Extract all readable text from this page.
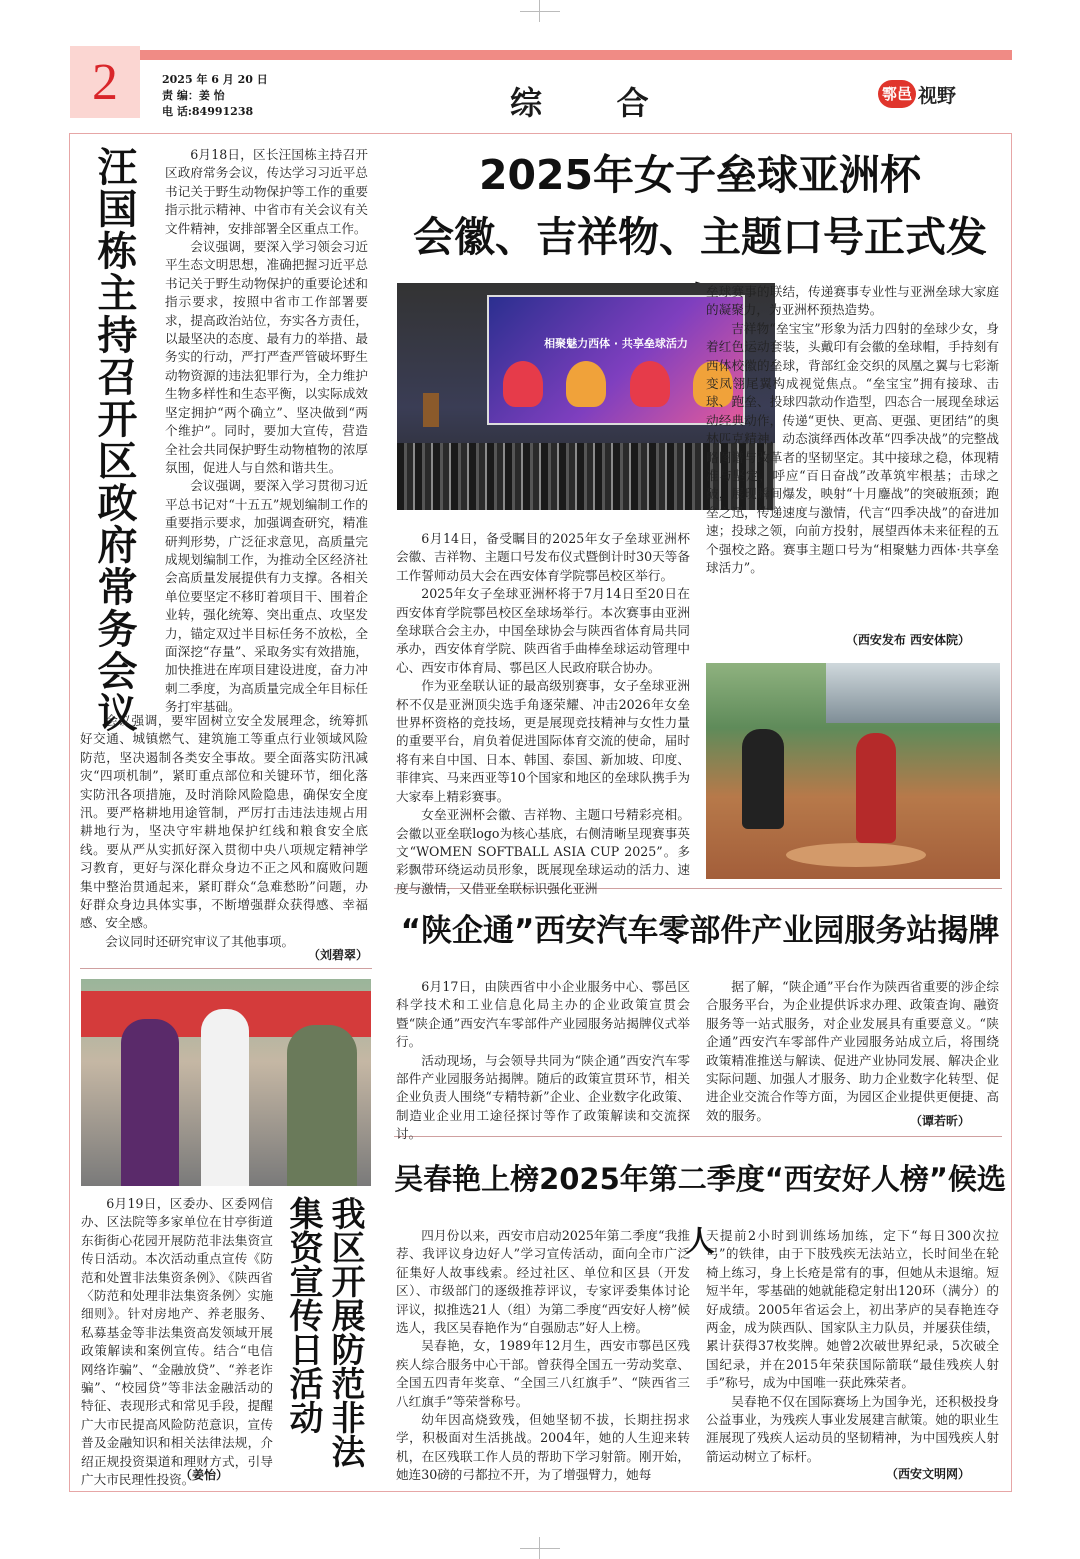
2	2025 年 6 月 20 日
责 编：姜 怡
电 话:84991238	综    合	鄠邑 视野
汪国栋主持召开区政府常务会议	6月18日，区长汪国栋主持召开区政府常务会议，传达学习习近平总书记关于野生动物保护等工作的重要指示批示精神、中省市有关会议有关文件精神，安排部署全区重点工作。

会议强调，要深入学习领会习近平生态文明思想，准确把握习近平总书记关于野生动物保护的重要论述和指示要求，按照中省市工作部署要求，提高政治站位，夯实各方责任，以最坚决的态度、最有力的举措、最务实的行动，严打严查严管破坏野生动物资源的违法犯罪行为，全力维护生物多样性和生态平衡，以实际成效坚定拥护“两个确立”、坚决做到“两个维护”。同时，要加大宣传，营造全社会共同保护野生动物植物的浓厚氛围，促进人与自然和谐共生。

会议强调，要深入学习贯彻习近平总书记对“十五五”规划编制工作的重要指示要求，加强调查研究，精准研判形势，广泛征求意见，高质量完成规划编制工作，为推动全区经济社会高质量发展提供有力支撑。各相关单位要坚定不移盯着项目干、围着企业转，强化统筹、突出重点、攻坚发力，锚定双过半目标任务不放松，全面深挖“存量”、采取务实有效措施，加快推进在库项目建设进度，奋力冲刺二季度，为高质量完成全年目标任务打牢基础。

会议强调，要牢固树立安全发展理念，统筹抓好交通、城镇燃气、建筑施工等重点行业领域风险防范，坚决遏制各类安全事故。要全面落实防汛减灾“四项机制”，紧盯重点部位和关键环节，细化落实防汛各项措施，及时消除风险隐患，确保安全度汛。要严格耕地用途管制，严厉打击违法违规占用耕地行为，坚决守牢耕地保护红线和粮食安全底线。要从严从实抓好深入贯彻中央八项规定精神学习教育，更好与深化群众身边不正之风和腐败问题集中整治贯通起来，紧盯群众“急难愁盼”问题，办好群众身边具体实事，不断增强群众获得感、幸福感、安全感。

会议同时还研究审议了其他事项。

（刘碧翠）
2025年女子垒球亚洲杯
会徽、吉祥物、主题口号正式发
相聚魅力西体 · 共享垒球活力

6月14日，备受瞩目的2025年女子垒球亚洲杯会徽、吉祥物、主题口号发布仪式暨倒计时30天等备工作誓师动员大会在西安体育学院鄠邑校区举行。

2025年女子垒球亚洲杯将于7月14日至20日在西安体育学院鄠邑校区垒球场举行。本次赛事由亚洲垒球联合会主办，中国垒球协会与陕西省体育局共同承办，西安体育学院、陕西省手曲棒垒球运动管理中心、西安市体育局、鄠邑区人民政府联合协办。

作为亚垒联认证的最高级别赛事，女子垒球亚洲杯不仅是亚洲顶尖选手角逐荣耀、冲击2026年女垒世界杯资格的竞技场，更是展现竞技精神与女性力量的重要平台，肩负着促进国际体育交流的使命，届时将有来自中国、日本、韩国、泰国、新加坡、印度、菲律宾、马来西亚等10个国家和地区的垒球队携手为大家奉上精彩赛事。

女垒亚洲杯会徽、吉祥物、主题口号精彩亮相。会徽以亚垒联logo为核心基底，右侧清晰呈现赛事英文“WOMEN SOFTBALL ASIA CUP 2025”。多彩飘带环绕运动员形象，既展现垒球运动的活力、速度与激情，又借亚垒联标识强化亚洲

垒球赛事的联结，传递赛事专业性与亚洲垒球大家庭的凝聚力，为亚洲杯预热造势。

吉祥物“垒宝宝”形象为活力四射的垒球少女，身着红色运动套装，头戴印有会徽的垒球帽，手持刻有西体校徽的垒球，背部红金交织的凤凰之翼与七彩渐变凤翎尾翼构成视觉焦点。“垒宝宝”拥有接球、击球、跑垒、投球四款动作造型，四态合一展现垒球运动经典动作，传递“更快、更高、更强、更团结”的奥林匹克精神，动态演绎西体改革“四季决战”的完整战略图谱与改革者的坚韧坚定。其中接球之稳，体现精准与坚定，呼应“百日奋战”改革筑牢根基；击球之破，展现瞬间爆发，映射“十月鏖战”的突破瓶颈；跑垒之迅，传递速度与激情，代言“四季决战”的奋进加速；投球之领，向前方投射，展望西体未来征程的五个强校之路。赛事主题口号为“相聚魅力西体·共享垒球活力”。

（西安发布 西安体院）
“陕企通”西安汽车零部件产业园服务站揭牌

6月17日，由陕西省中小企业服务中心、鄠邑区科学技术和工业信息化局主办的企业政策宣贯会暨“陕企通”西安汽车零部件产业园服务站揭牌仪式举行。

活动现场，与会领导共同为“陕企通”西安汽车零部件产业园服务站揭牌。随后的政策宣贯环节，相关企业负责人围绕“专精特新”企业、企业数字化政策、制造业企业用工途径探讨等作了政策解读和交流探讨。

据了解，“陕企通”平台作为陕西省重要的涉企综合服务平台，为企业提供诉求办理、政策查询、融资服务等一站式服务，对企业发展具有重要意义。“陕企通”西安汽车零部件产业园服务站成立后，将围绕政策精准推送与解读、促进产业协同发展、解决企业实际问题、加强人才服务、助力企业数字化转型、促进企业交流合作等方面，为园区企业提供更便捷、高效的服务。	（谭若昕）

6月19日，区委办、区委网信办、区法院等多家单位在甘亭街道东街街心花园开展防范非法集资宣传日活动。本次活动重点宣传《防范和处置非法集资条例》、《陕西省〈防范和处理非法集资条例〉实施细则》。针对房地产、养老服务、私募基金等非法集资高发领域开展政策解读和案例宣传。结合“电信网络诈骗”、“金融放贷”、“养老诈骗”、“校园贷”等非法金融活动的特征、表现形式和常见手段，提醒广大市民提高风险防范意识，宣传普及金融知识和相关法律法规，介绍正规投资渠道和理财方式，引导广大市民理性投资。

（姜怡）
我区开展防范非法集资宣传日活动
吴春艳上榜2025年第二季度“西安好人榜”候选人

四月份以来，西安市启动2025年第二季度“我推荐、我评议身边好人”学习宣传活动，面向全市广泛征集好人故事线索。经过社区、单位和区县（开发区）、市级部门的逐级推荐评议，专家评委集体讨论评议，拟推选21人（组）为第二季度“西安好人榜”候选人，我区吴春艳作为“自强励志”好人上榜。

吴春艳，女，1989年12月生，西安市鄠邑区残疾人综合服务中心干部。曾获得全国五一劳动奖章、全国五四青年奖章、“全国三八红旗手”、“陕西省三八红旗手”等荣誉称号。

幼年因高烧致残，但她坚韧不拔，长期拄拐求学，积极面对生活挑战。2004年，她的人生迎来转机，在区残联工作人员的帮助下学习射箭。刚开始，她连30磅的弓都拉不开，为了增强臂力，她每

天提前2小时到训练场加练，定下“每日300次拉弓”的铁律，由于下肢残疾无法站立，长时间坐在轮椅上练习，身上长疮是常有的事，但她从未退缩。短短半年，零基础的她就能稳定射出120环（满分）的好成绩。2005年省运会上，初出茅庐的吴春艳连夺两金，成为陕西队、国家队主力队员，并屡获佳绩，累计获得37枚奖牌。她曾2次破世界纪录，5次破全国纪录，并在2015年荣获国际箭联“最佳残疾人射手”称号，成为中国唯一获此殊荣者。

吴春艳不仅在国际赛场上为国争光，还积极投身公益事业，为残疾人事业发展建言献策。她的职业生涯展现了残疾人运动员的坚韧精神，为中国残疾人射箭运动树立了标杆。

（西安文明网）
